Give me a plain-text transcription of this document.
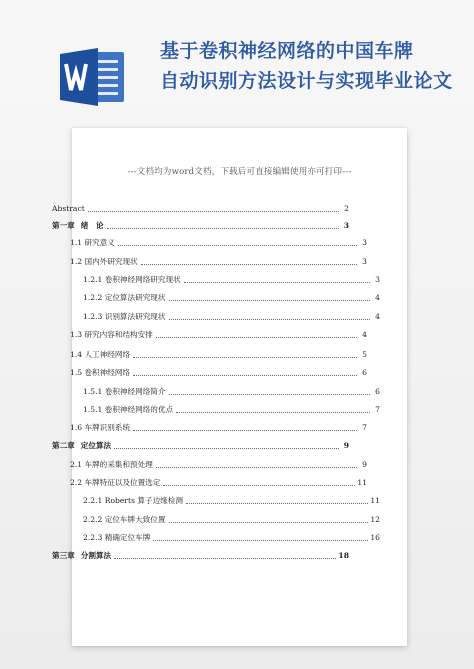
基于卷积神经网络的中国车牌
自动识别方法设计与实现毕业论文
---文档均为word文档，下载后可直接编辑使用亦可打印---
Abstract	2
第一章 绪　论	3
1.1 研究意义	3
1.2 国内外研究现状	3
1.2.1 卷积神经网络研究现状	3
1.2.2 定位算法研究现状	4
1.2.3 识别算法研究现状	4
1.3 研究内容和结构安排	4
1.4 人工神经网络	5
1.5 卷积神经网络	6
1.5.1 卷积神经网络简介	6
1.5.1 卷积神经网络的优点	7
1.6 车牌识别系统	7
第二章 定位算法	9
2.1 车牌的采集和预处理	9
2.2 车牌特征以及位置选定	11
2.2.1 Roberts 算子边缘检测	11
2.2.2 定位车牌大致位置	12
2.2.3 精确定位车牌	16
第三章 分割算法	18
